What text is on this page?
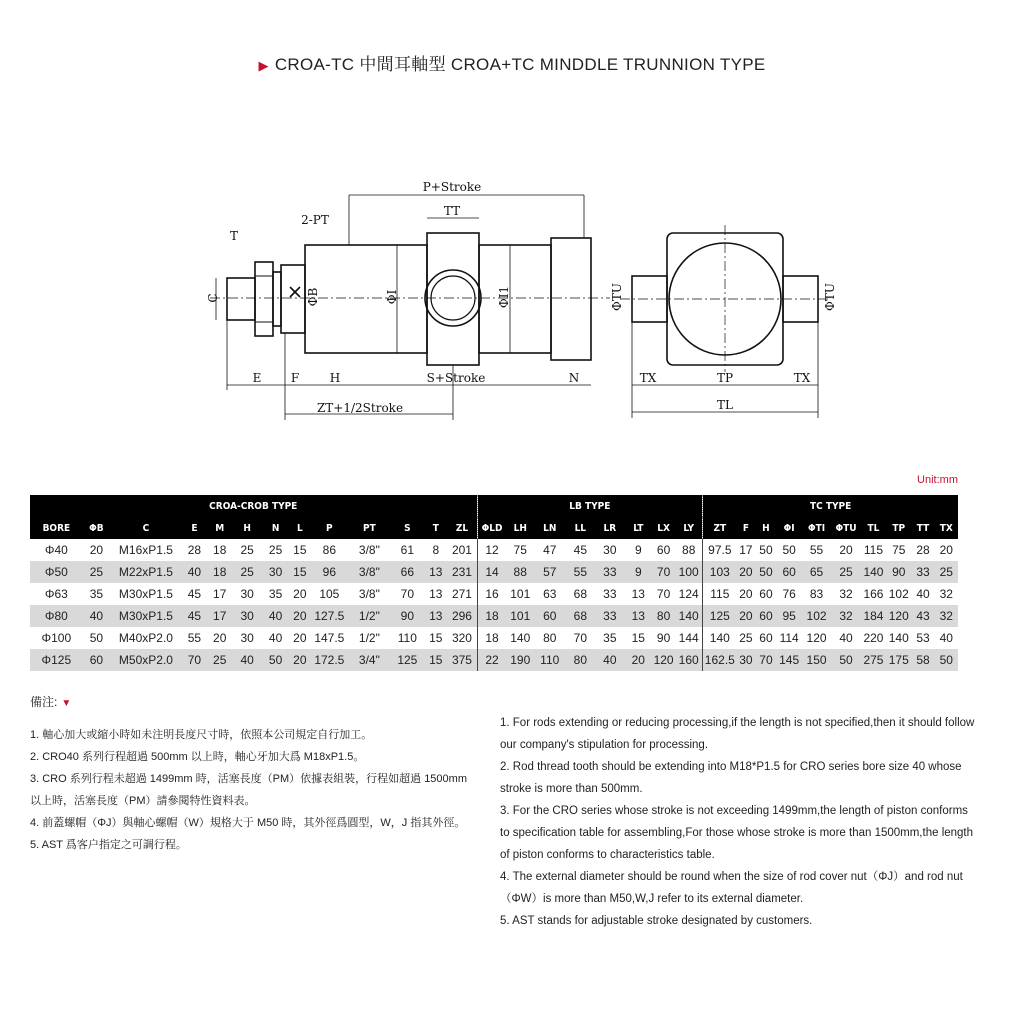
▶ CROA-TC 中間耳軸型 CROA+TC MINDDLE TRUNNION TYPE
P+Stroke
TT
2-PT
T
C	ΦB	ΦI	ΦI1	ΦTU	ΦTU
E F	H	S+Stroke	N
ZT+1/2Stroke
TX	TP	TX
TL
Unit:mm
CROA-CROB TYPE													LB TYPE								TC TYPE									
BORE	ΦB	C	E	M	H	N	L	P	PT	S	T	ZL	ΦLD	LH	LN	LL	LR	LT	LX	LY	ZT	F	H	ΦI	ΦTI	ΦTU	TL	TP	TT	TX
Φ40	20	M16xP1.5	28	18	25	25	15	86	3/8"	61	8	201	12	75	47	45	30	9	60	88	97.5	17	50	50	55	20	115	75	28	20
Φ50	25	M22xP1.5	40	18	25	30	15	96	3/8"	66	13	231	14	88	57	55	33	9	70	100	103	20	50	60	65	25	140	90	33	25
Φ63	35	M30xP1.5	45	17	30	35	20	105	3/8"	70	13	271	16	101	63	68	33	13	70	124	115	20	60	76	83	32	166	102	40	32
Φ80	40	M30xP1.5	45	17	30	40	20	127.5	1/2"	90	13	296	18	101	60	68	33	13	80	140	125	20	60	95	102	32	184	120	43	32
Φ100	50	M40xP2.0	55	20	30	40	20	147.5	1/2"	110	15	320	18	140	80	70	35	15	90	144	140	25	60	114	120	40	220	140	53	40
Φ125	60	M50xP2.0	70	25	40	50	20	172.5	3/4"	125	15	375	22	190	110	80	40	20	120	160	162.5	30	70	145	150	50	275	175	58	50
備注: ▼
1. 軸心加大或縮小時如未注明長度尺寸時，依照本公司規定自行加工。
2. CRO40 系列行程超過 500mm 以上時，軸心牙加大爲 M18xP1.5。
3. CRO 系列行程未超過 1499mm 時，活塞長度（PM）依據表組裝，行程如超過 1500mm 以上時，活塞長度（PM）請參閱特性資料表。
4. 前蓋螺帽（ΦJ）與軸心螺帽（W）規格大于 M50 時，其外徑爲圓型，W，J 指其外徑。
5. AST 爲客户指定之可調行程。
1. For rods extending or reducing processing,if the length is not specified,then it should follow our company's stipulation for processing.
2. Rod thread tooth should be extending into M18*P1.5 for CRO series bore size 40 whose stroke is more than 500mm.
3. For the CRO series whose stroke is not exceeding 1499mm,the length of piston conforms to specification table for assembling,For those whose stroke is more than 1500mm,the length of piston conforms to characteristics table.
4. The external diameter should be round when the size of rod cover nut（ΦJ）and rod nut（ΦW）is more than M50,W,J refer to its external diameter.
5. AST stands for adjustable stroke designated by customers.
